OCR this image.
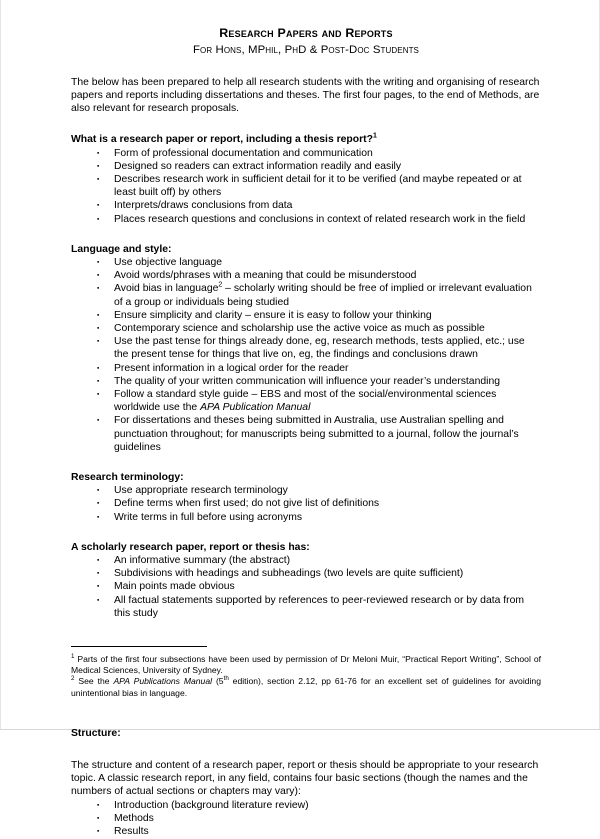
Research Papers and Reports
For Hons, MPhil, PhD & Post-Doc Students

The below has been prepared to help all research students with the writing and organising of research papers and reports including dissertations and theses. The first four pages, to the end of Methods, are also relevant for research proposals.

What is a research paper or report, including a thesis report?$^1$
▪ Form of professional documentation and communication
▪ Designed so readers can extract information readily and easily
▪ Describes research work in sufficient detail for it to be verified (and maybe repeated or at least built off) by others
▪ Interprets/draws conclusions from data
▪ Places research questions and conclusions in context of related research work in the field
Language and style:
▪ Use objective language
▪ Avoid words/phrases with a meaning that could be misunderstood
▪ Avoid bias in language$^2$ – scholarly writing should be free of implied or irrelevant evaluation of a group or individuals being studied
▪ Ensure simplicity and clarity – ensure it is easy to follow your thinking
▪ Contemporary science and scholarship use the active voice as much as possible
▪ Use the past tense for things already done, eg, research methods, tests applied, etc.; use the present tense for things that live on, eg, the findings and conclusions drawn
▪ Present information in a logical order for the reader
▪ The quality of your written communication will influence your reader’s understanding
▪ Follow a standard style guide – EBS and most of the social/environmental sciences worldwide use the APA Publication Manual
▪ For dissertations and theses being submitted in Australia, use Australian spelling and punctuation throughout; for manuscripts being submitted to a journal, follow the journal’s guidelines
Research terminology:
▪ Use appropriate research terminology
▪ Define terms when first used; do not give list of definitions
▪ Write terms in full before using acronyms
A scholarly research paper, report or thesis has:
▪ An informative summary (the abstract)
▪ Subdivisions with headings and subheadings (two levels are quite sufficient)
▪ Main points made obvious
▪ All factual statements supported by references to peer-reviewed research or by data from this study

$^1$ Parts of the first four subsections have been used by permission of Dr Meloni Muir, “Practical Report Writing”, School of Medical Sciences, University of Sydney.

$^2$ See the APA Publications Manual (5th edition), section 2.12, pp 61-76 for an excellent set of guidelines for avoiding unintentional bias in language.

Structure:

The structure and content of a research paper, report or thesis should be appropriate to your research topic. A classic research report, in any field, contains four basic sections (though the names and the numbers of actual sections or chapters may vary):

▪ Introduction (background literature review)
▪ Methods
▪ Results
